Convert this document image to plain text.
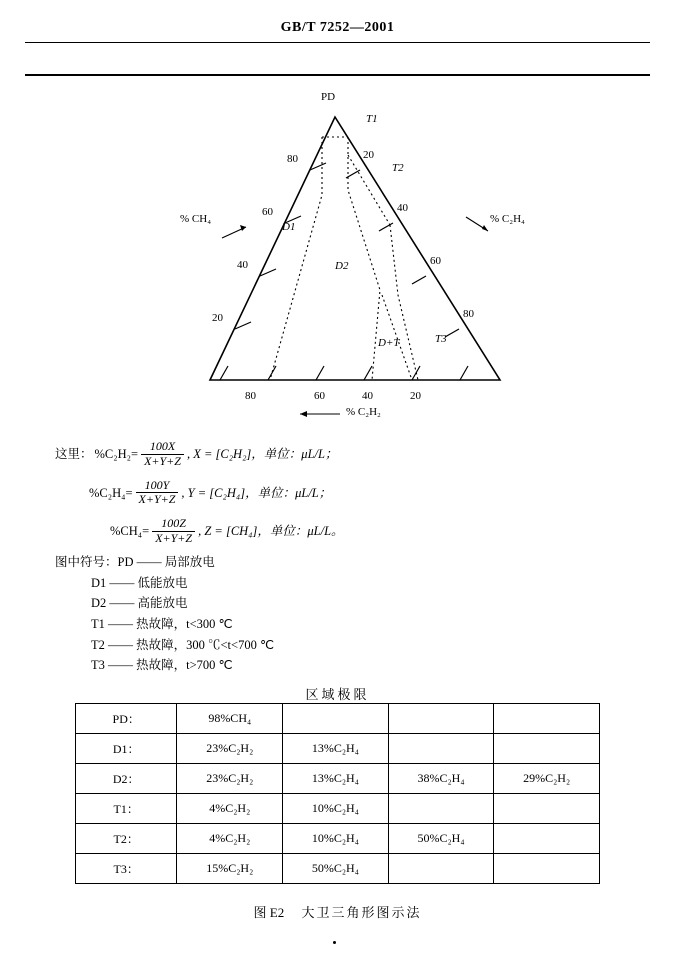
GB/T 7252—2001
PD
T1
T2
D1
D2
D+T	T3
80
60
40
20
20
40
60
80
80	60	40	20
% CH₄	% C₂H₄
% C₂H₂
这里： $\%C_2H_2= \frac{100X}{X+Y+Z}$ , X = [C₂H₂]，单位：μL/L；
$\%C_2H_4= \frac{100Y}{X+Y+Z}$ , Y = [C₂H₄]，单位：μL/L；
$\%CH_4= \frac{100Z}{X+Y+Z}$ , Z = [CH₄]，单位：μL/L。
图中符号：PD —— 局部放电
D1 —— 低能放电
D2 —— 高能放电
T1 —— 热故障，t<300 ℃
T2 —— 热故障，300 ℃<t<700 ℃
T3 —— 热故障，t>700 ℃
区域极限
PD：	98%CH₄			
D1：	23%C₂H₂	13%C₂H₄		
D2：	23%C₂H₂	13%C₂H₄	38%C₂H₄	29%C₂H₂
T1：	4%C₂H₂	10%C₂H₄		
T2：	4%C₂H₂	10%C₂H₄	50%C₂H₄	
T3：	15%C₂H₂	50%C₂H₄		
图 E2 大卫三角形图示法
